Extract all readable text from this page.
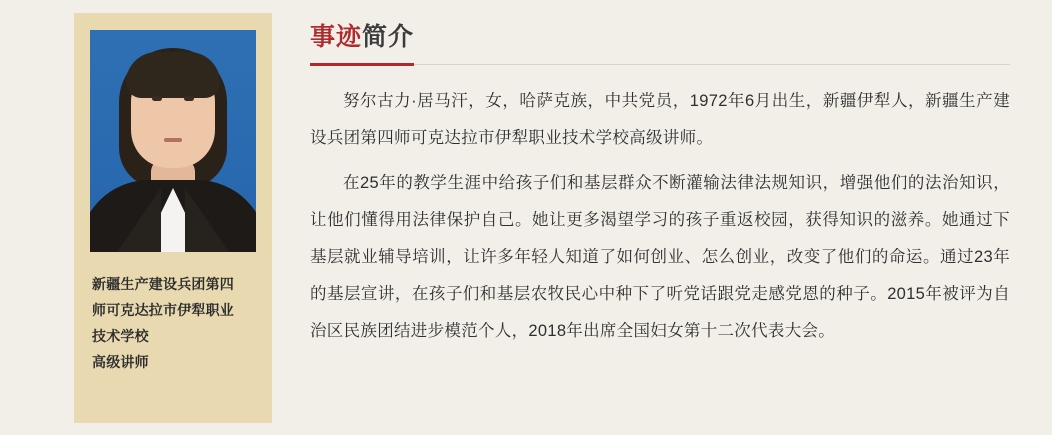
新疆生产建设兵团第四
师可克达拉市伊犁职业
技术学校
高级讲师
事迹简介

努尔古力·居马汗，女，哈萨克族，中共党员，1972年6月出生，新疆伊犁人，新疆生产建设兵团第四师可克达拉市伊犁职业技术学校高级讲师。

在25年的教学生涯中给孩子们和基层群众不断灌输法律法规知识，增强他们的法治知识，让他们懂得用法律保护自己。她让更多渴望学习的孩子重返校园，获得知识的滋养。她通过下基层就业辅导培训，让许多年轻人知道了如何创业、怎么创业，改变了他们的命运。通过23年的基层宣讲，在孩子们和基层农牧民心中种下了听党话跟党走感党恩的种子。2015年被评为自治区民族团结进步模范个人，2018年出席全国妇女第十二次代表大会。
